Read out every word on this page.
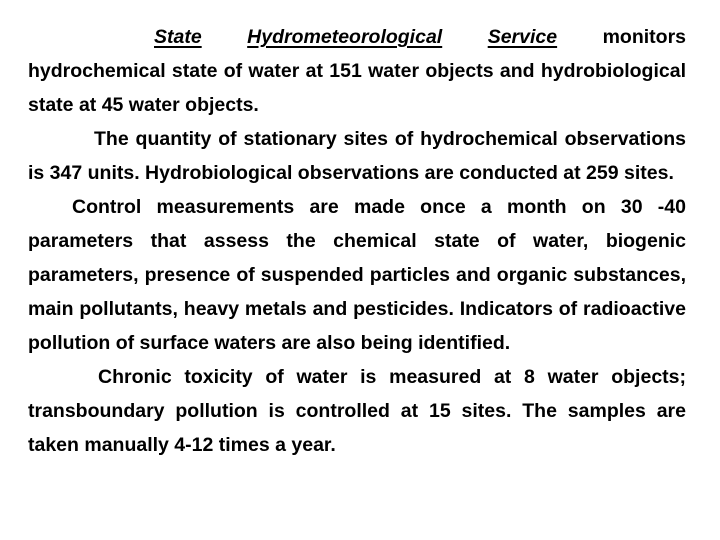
State Hydrometeorological Service monitors hydrochemical state of water at 151 water objects and hydrobiological state at 45 water objects.

The quantity of stationary sites of hydrochemical observations is 347 units. Hydrobiological observations are conducted at 259 sites.

Control measurements are made once a month on 30 -40 parameters that assess the chemical state of water, biogenic parameters, presence of suspended particles and organic substances, main pollutants, heavy metals and pesticides. Indicators of radioactive pollution of surface waters are also being identified.

Chronic toxicity of water is measured at 8 water objects; transboundary pollution is controlled at 15 sites. The samples are taken manually 4-12 times a year.
